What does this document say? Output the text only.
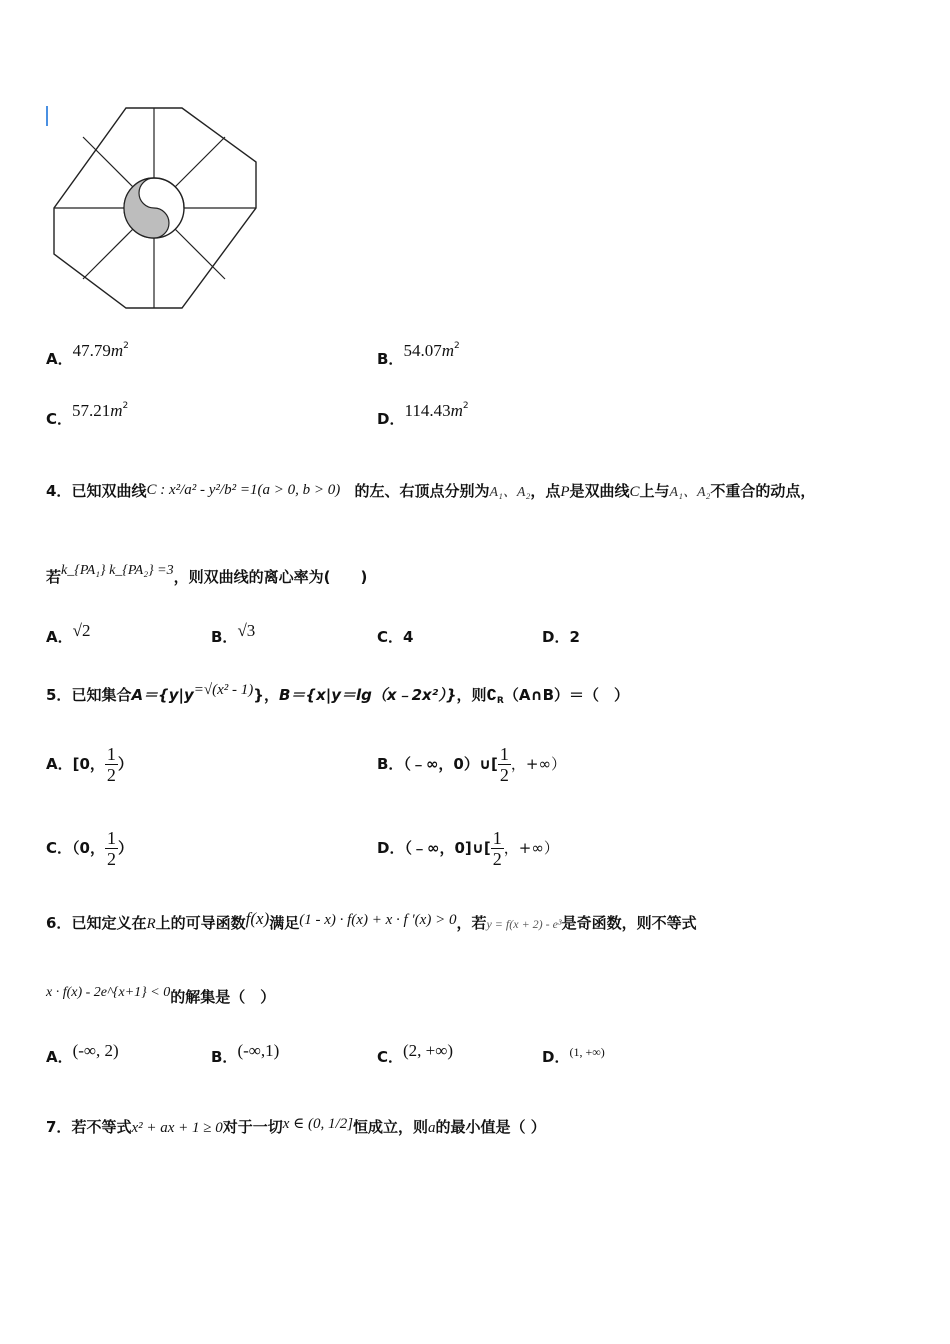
A．$47.79m^2$
B．$54.07m^2$
C．$57.21m^2$
D．$114.43m^2$
4．已知双曲线C : x²/a² - y²/b² =1(a > 0, b > 0) 的左、右顶点分别为A₁、A₂，点P是双曲线C上与A₁、A₂不重合的动点，
若k_{PA₁} k_{PA₂} =3，则双曲线的离心率为(　　)
A．√2	B．√3	C．4	D．2
5．已知集合A＝{y|y=√(x² - 1)}，B＝{x|y＝lg（x﹣2x²）}，则$∁_R(A\cap B)=$（　）
A．[0， $\frac{1}{2}$ ）	B．（﹣∞，0）∪[ $\frac{1}{2}$ ，+∞）
C．（0， $\frac{1}{2}$ ）	D．（﹣∞，0]∪[ $\frac{1}{2}$ ，+∞）
6．已知定义在R上的可导函数f(x)满足(1 - x) · f(x) + x · f ′(x) > 0，若y = f(x + 2) - e³是奇函数，则不等式
x · f(x) - 2e^{x+1} < 0的解集是（　）
A．(-∞, 2)	B．(-∞,1)	C．(2, +∞)	D．$^{(1, +\infty)}$
7．若不等式x² + ax + 1 ≥ 0对于一切x ∈ (0, 1/2]恒成立，则a的最小值是（ ）
